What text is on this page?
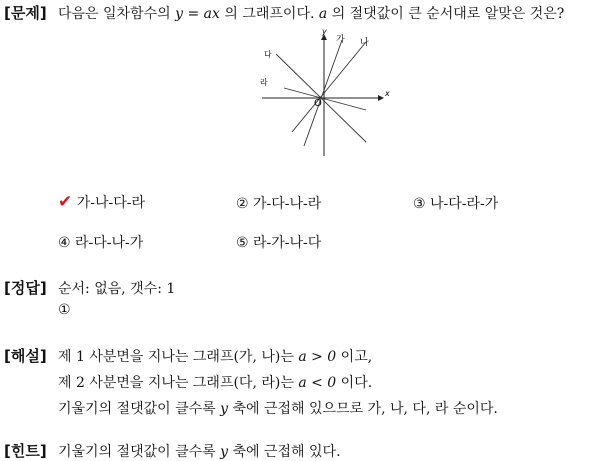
[문제] 다음은 일차함수의 y = ax 의 그래프이다. a 의 절댓값이 큰 순서대로 알맞은 것은?
x
y
O
가 나
다
라
✔ 가-나-다-라	② 가-다-나-라	③ 나-다-라-가
④ 라-다-나-가	⑤ 라-가-나-다
[정답] 순서: 없음, 갯수: 1
①
[해설] 제 1 사분면을 지나는 그래프(가, 나)는 a > 0 이고,
제 2 사분면을 지나는 그래프(다, 라)는 a < 0 이다.
기울기의 절댓값이 클수록 y 축에 근접해 있으므로 가, 나, 다, 라 순이다.
[힌트] 기울기의 절댓값이 클수록 y 축에 근접해 있다.
